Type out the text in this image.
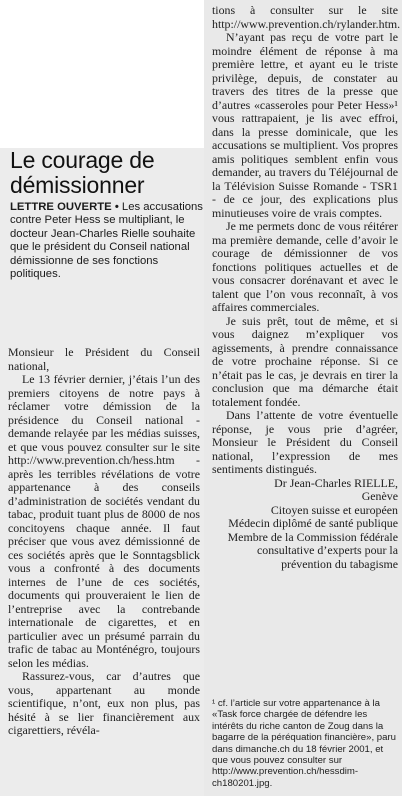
Le courage de démissionner
LETTRE OUVERTE • Les accusations contre Peter Hess se multipliant, le docteur Jean-Charles Rielle souhaite que le président du Conseil national démissionne de ses fonctions politiques.

Monsieur le Président du Conseil national,

Le 13 février dernier, j’étais l’un des premiers citoyens de notre pays à réclamer votre démission de la présidence du Conseil national - demande relayée par les médias suisses, et que vous pouvez consulter sur le site http://www.prevention.ch/hess.htm - après les terribles révélations de votre appartenance à des conseils d’administration de sociétés vendant du tabac, produit tuant plus de 8000 de nos concitoyens chaque année. Il faut préciser que vous avez démissionné de ces sociétés après que le Sonntagsblick vous a confronté à des documents internes de l’une de ces sociétés, documents qui prouveraient le lien de l’entreprise avec la contrebande internationale de cigarettes, et en particulier avec un présumé parrain du trafic de tabac au Monténégro, toujours selon les médias.

Rassurez-vous, car d’autres que vous, appartenant au monde scientifique, n’ont, eux non plus, pas hésité à se lier financièrement aux cigarettiers, révéla-

tions à consulter sur le site http://www.prevention.ch/rylander.htm.

N’ayant pas reçu de votre part le moindre élément de réponse à ma première lettre, et ayant eu le triste privilège, depuis, de constater au travers des titres de la presse que d’autres «casseroles pour Peter Hess»¹ vous rattrapaient, je lis avec effroi, dans la presse dominicale, que les accusations se multiplient. Vos propres amis politiques semblent enfin vous demander, au travers du Téléjournal de la Télévision Suisse Romande - TSR1 - de ce jour, des explications plus minutieuses voire de vrais comptes.

Je me permets donc de vous réitérer ma première demande, celle d’avoir le courage de démissionner de vos fonctions politiques actuelles et de vous consacrer dorénavant et avec le talent que l’on vous reconnaît, à vos affaires commerciales.

Je suis prêt, tout de même, et si vous daignez m’expliquer vos agissements, à prendre connaissance de votre prochaine réponse. Si ce n’était pas le cas, je devrais en tirer la conclusion que ma démarche était totalement fondée.

Dans l’attente de votre éventuelle réponse, je vous prie d’agréer, Monsieur le Président du Conseil national, l’expression de mes sentiments distingués.

Dr Jean-Charles RIELLE,
Genève
Citoyen suisse et européen
Médecin diplômé de santé publique
Membre de la Commission fédérale consultative d’experts pour la prévention du tabagisme
¹ cf. l’article sur votre appartenance à la «Task force chargée de défendre les intérêts du riche canton de Zoug dans la bagarre de la péréquation financière», paru dans dimanche.ch du 18 février 2001, et que vous pouvez consulter sur http://www.prevention.ch/hessdim-ch180201.jpg.
